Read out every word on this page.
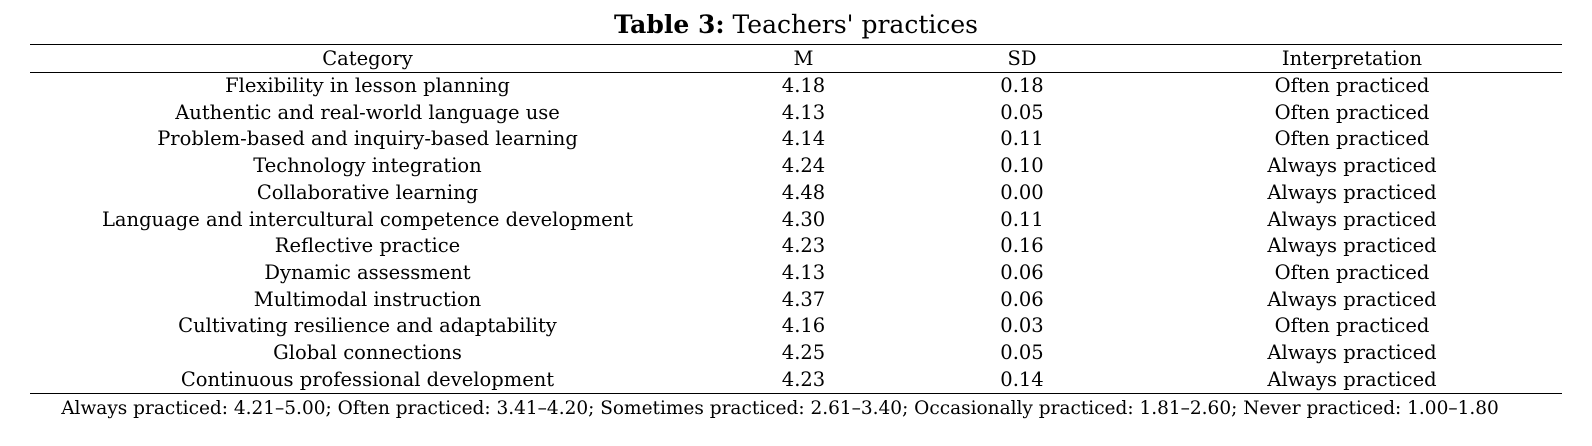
Table 3: Teachers' practices
Category	M	SD	Interpretation
Flexibility in lesson planning	4.18	0.18	Often practiced
Authentic and real-world language use	4.13	0.05	Often practiced
Problem-based and inquiry-based learning	4.14	0.11	Often practiced
Technology integration	4.24	0.10	Always practiced
Collaborative learning	4.48	0.00	Always practiced
Language and intercultural competence development	4.30	0.11	Always practiced
Reflective practice	4.23	0.16	Always practiced
Dynamic assessment	4.13	0.06	Often practiced
Multimodal instruction	4.37	0.06	Always practiced
Cultivating resilience and adaptability	4.16	0.03	Often practiced
Global connections	4.25	0.05	Always practiced
Continuous professional development	4.23	0.14	Always practiced
Always practiced: 4.21–5.00; Often practiced: 3.41–4.20; Sometimes practiced: 2.61–3.40; Occasionally practiced: 1.81–2.60; Never practiced: 1.00–1.80
